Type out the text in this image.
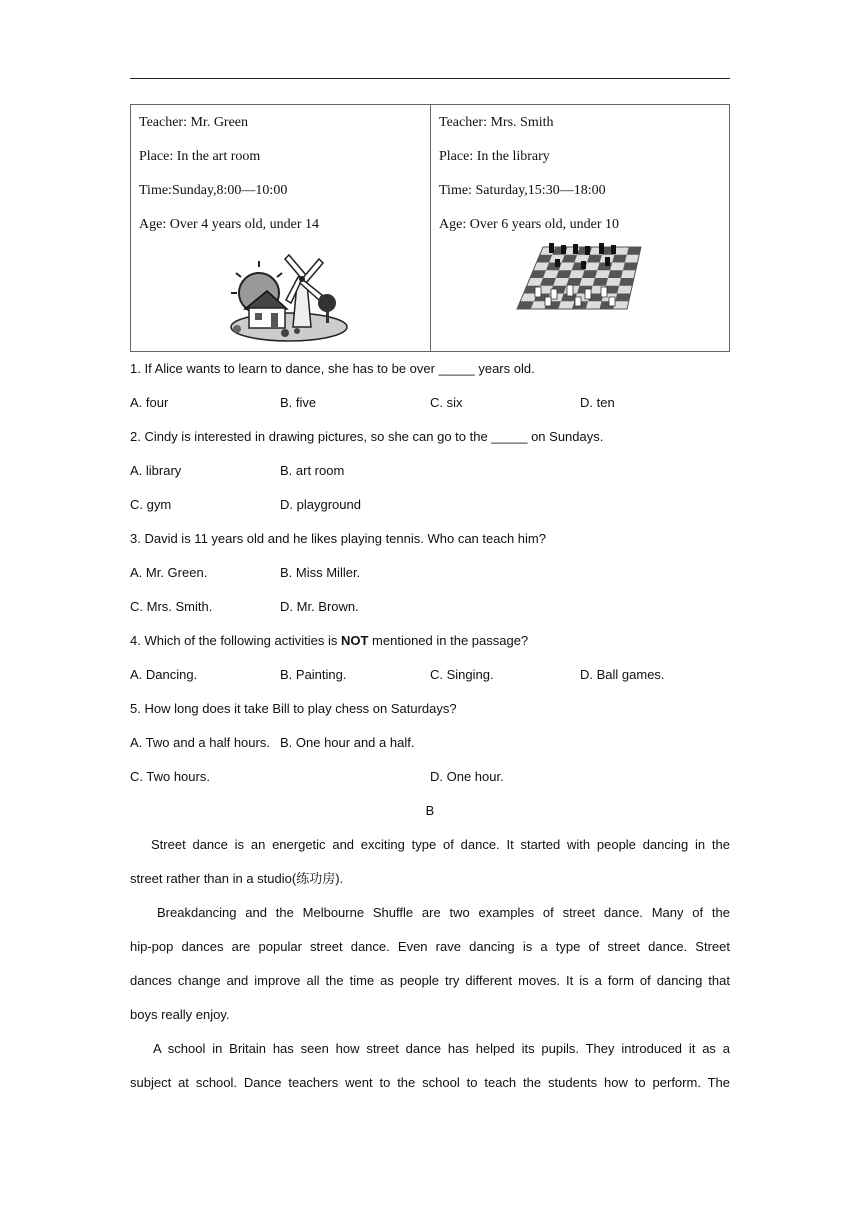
Teacher: Mr. Green

Place: In the art room

Time:Sunday,8:00—10:00

Age: Over 4 years old, under 14

Teacher: Mrs. Smith

Place: In the library

Time: Saturday,15:30—18:00

Age: Over 6 years old, under 10

1. If Alice wants to learn to dance, she has to be over _____ years old.
A. four	B. five	C. six	D. ten
2. Cindy is interested in drawing pictures, so she can go to the _____ on Sundays.
A. library	B. art room
C. gym	D. playground
3. David is 11 years old and he likes playing tennis. Who can teach him?
A. Mr. Green.	B. Miss Miller.
C. Mrs. Smith.	D. Mr. Brown.
4. Which of the following activities is NOT mentioned in the passage?
A. Dancing.	B. Painting.	C. Singing.	D. Ball games.
5. How long does it take Bill to play chess on Saturdays?
A. Two and a half hours. B. One hour and a half.
C. Two hours.	D. One hour.
B
Street dance is an energetic and exciting type of dance. It started with people dancing in the
street rather than in a studio(练功房).
Breakdancing and the Melbourne Shuffle are two examples of street dance. Many of the
hip-pop dances are popular street dance. Even rave dancing is a type of street dance. Street
dances change and improve all the time as people try different moves. It is a form of dancing that
boys really enjoy.
A school in Britain has seen how street dance has helped its pupils. They introduced it as a
subject at school. Dance teachers went to the school to teach the students how to perform. The
